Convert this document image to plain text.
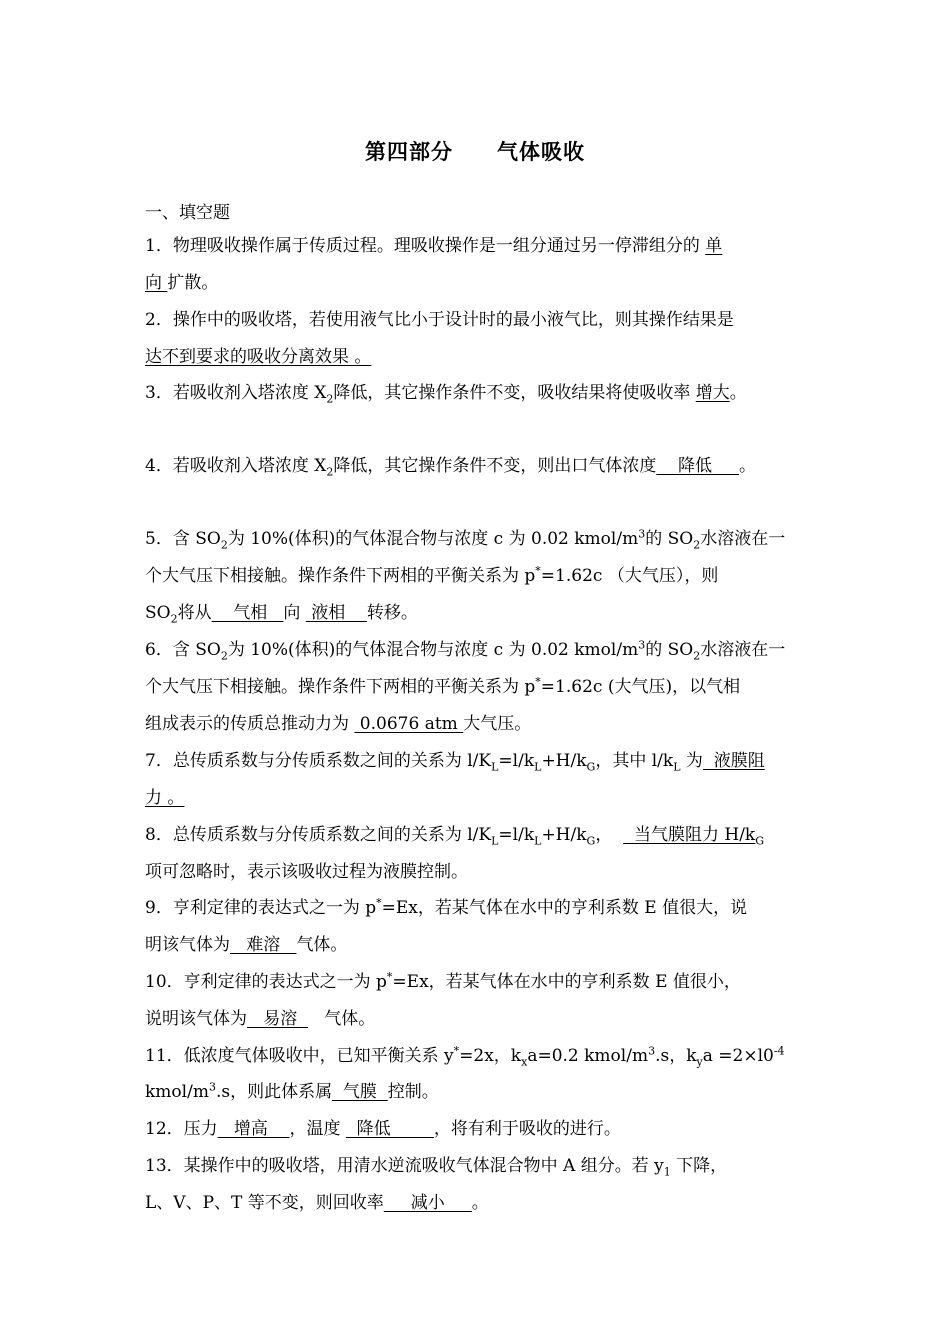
第四部分 气体吸收
一、填空题
1．物理吸收操作属于传质过程。理吸收操作是一组分通过另一停滞组分的 单
向 扩散。
2．操作中的吸收塔，若使用液气比小于设计时的最小液气比，则其操作结果是
达不到要求的吸收分离效果 。
3．若吸收剂入塔浓度 $X_2$降低，其它操作条件不变，吸收结果将使吸收率 增大。
4．若吸收剂入塔浓度 $X_2$降低，其它操作条件不变，则出口气体浓度    降低     。
5．含 $SO_2$为 10%(体积)的气体混合物与浓度 c 为 0.02 kmol/$m^3$的 $SO_2$水溶液在一
个大气压下相接触。操作条件下两相的平衡关系为 p*=1.62c （大气压），则
$SO_2$将从    气相   向  液相    转移。
6．含 $SO_2$为 10%(体积)的气体混合物与浓度 c 为 0.02 kmol/$m^3$的 $SO_2$水溶液在一
个大气压下相接触。操作条件下两相的平衡关系为 p*=1.62c (大气压)，以气相
组成表示的传质总推动力为  0.0676 atm 大气压。
7．总传质系数与分传质系数之间的关系为 $l/K_L=l/k_L+H/k_G$，其中 $l/k_L$ 为  液膜阻
力 。
8．总传质系数与分传质系数之间的关系为 $l/K_L=l/k_L+H/k_G$，    当气膜阻力 $H/k_G$
项可忽略时，表示该吸收过程为液膜控制。
9．亨利定律的表达式之一为 p*=Ex，若某气体在水中的亨利系数 E 值很大，说
明该气体为   难溶   气体。
10．亨利定律的表达式之一为 p*=Ex，若某气体在水中的亨利系数 E 值很小，
说明该气体为   易溶     气体。
11．低浓度气体吸收中，已知平衡关系 y*=2x，$k_xa=0.2$ kmol/$m^3.s$，$k_ya =2\times l0^{-4}$
kmol/$m^3.s$，则此体系属  气膜  控制。
12．压力   增高    ，温度   降低        ，将有利于吸收的进行。
13．某操作中的吸收塔，用清水逆流吸收气体混合物中 A 组分。若 $y_1$ 下降，
L、V、P、T 等不变，则回收率     减小     。
